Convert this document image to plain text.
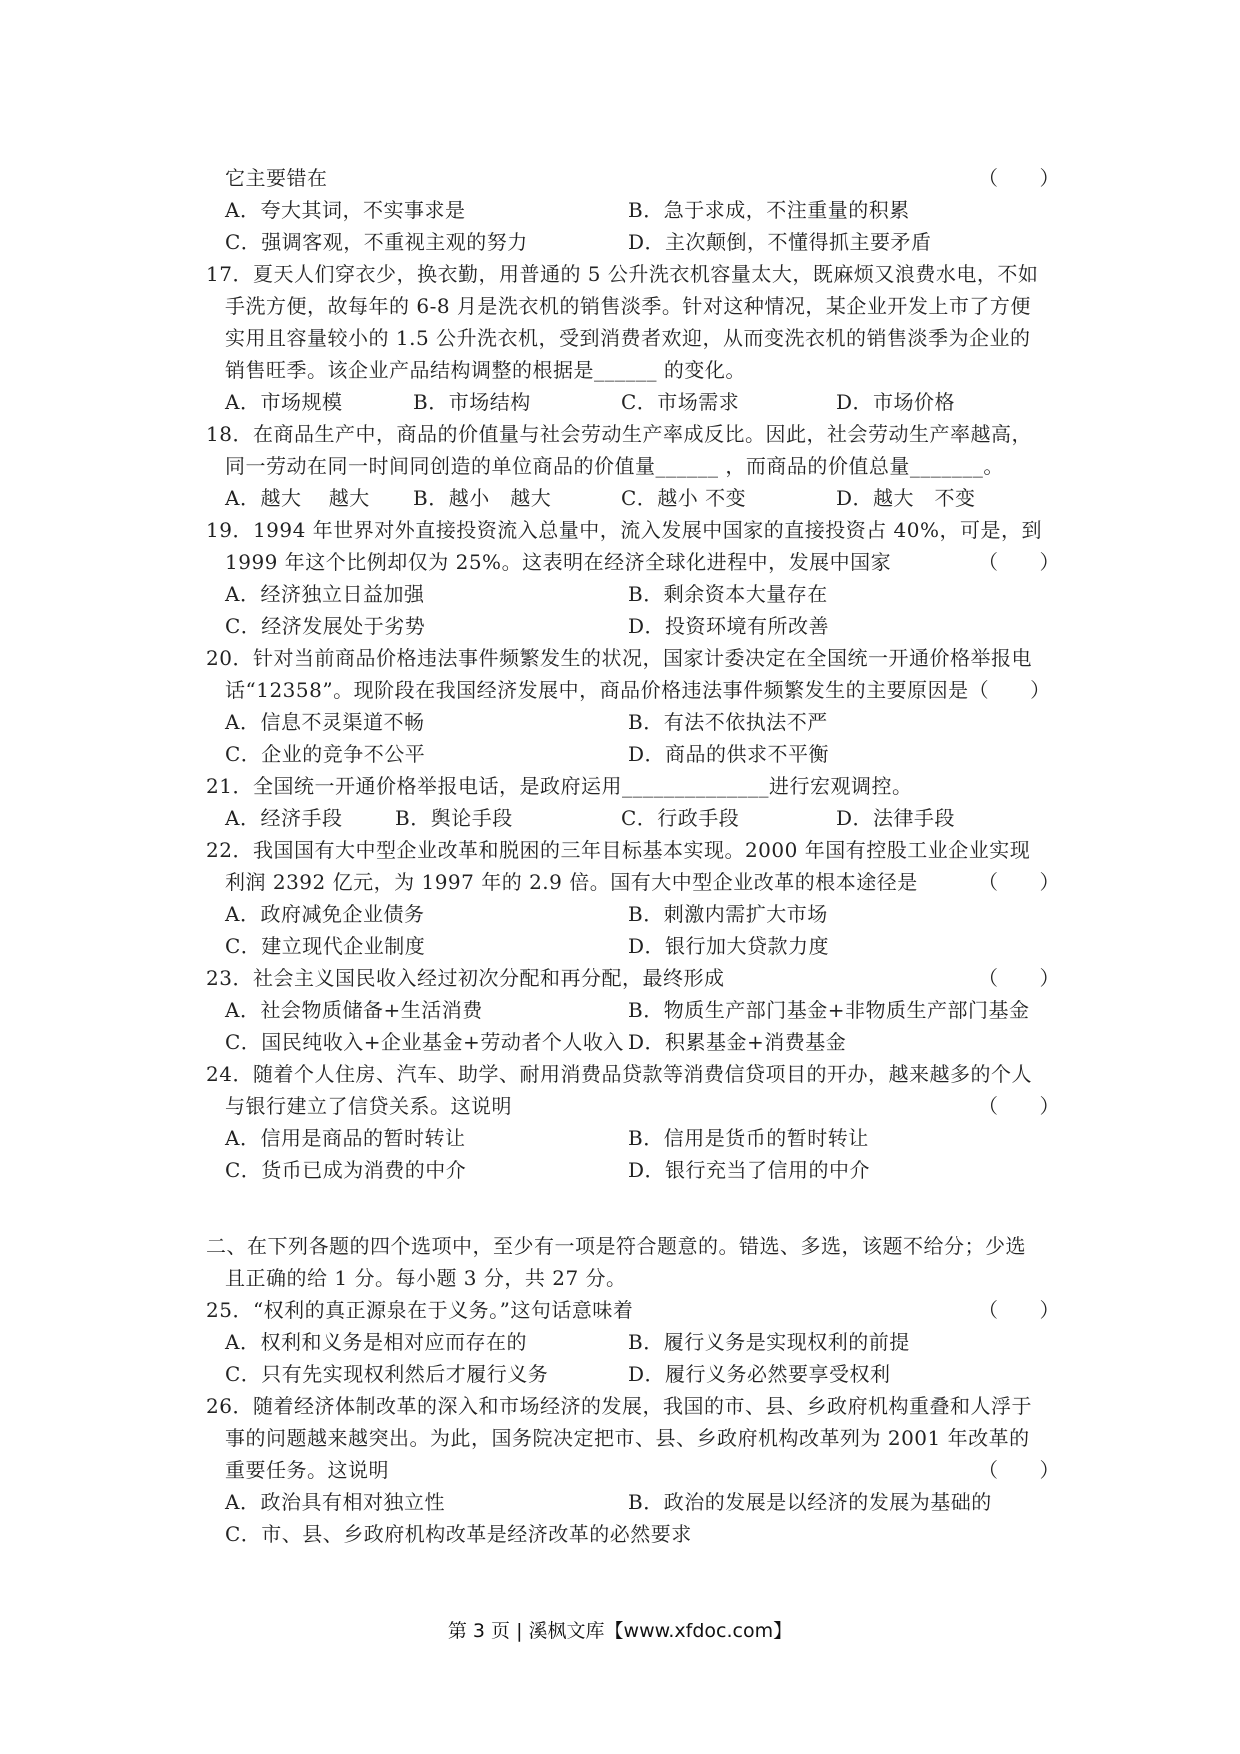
它主要错在	（　　）
A．夸大其词，不实事求是	B．急于求成，不注重量的积累
C．强调客观，不重视主观的努力	D．主次颠倒，不懂得抓主要矛盾
17．夏天人们穿衣少，换衣勤，用普通的 5 公升洗衣机容量太大，既麻烦又浪费水电，不如
手洗方便，故每年的 6-8 月是洗衣机的销售淡季。针对这种情况，某企业开发上市了方便
实用且容量较小的 1.5 公升洗衣机，受到消费者欢迎，从而变洗衣机的销售淡季为企业的
销售旺季。该企业产品结构调整的根据是______ 的变化。
A．市场规模	B．市场结构	C．市场需求	D．市场价格
18．在商品生产中，商品的价值量与社会劳动生产率成反比。因此，社会劳动生产率越高，
同一劳动在同一时间同创造的单位商品的价值量______ ，而商品的价值总量_______。
A．越大　 越大 B．越小　越大	C．越小 不变	D．越大　不变
19．1994 年世界对外直接投资流入总量中，流入发展中国家的直接投资占 40%，可是，到
1999 年这个比例却仅为 25%。这表明在经济全球化进程中，发展中国家	（　　）
A．经济独立日益加强	B．剩余资本大量存在
C．经济发展处于劣势	D．投资环境有所改善
20．针对当前商品价格违法事件频繁发生的状况，国家计委决定在全国统一开通价格举报电
话“12358”。现阶段在我国经济发展中，商品价格违法事件频繁发生的主要原因是（　　）
A．信息不灵渠道不畅	B．有法不依执法不严
C．企业的竞争不公平	D．商品的供求不平衡
21．全国统一开通价格举报电话，是政府运用______________进行宏观调控。
A．经济手段	B．舆论手段	C．行政手段	D．法律手段
22．我国国有大中型企业改革和脱困的三年目标基本实现。2000 年国有控股工业企业实现
利润 2392 亿元，为 1997 年的 2.9 倍。国有大中型企业改革的根本途径是	（　　）
A．政府减免企业债务	B．刺激内需扩大市场
C．建立现代企业制度	D．银行加大贷款力度
23．社会主义国民收入经过初次分配和再分配，最终形成	（　　）
A．社会物质储备+生活消费	B．物质生产部门基金+非物质生产部门基金
C．国民纯收入+企业基金+劳动者个人收入 D．积累基金+消费基金
24．随着个人住房、汽车、助学、耐用消费品贷款等消费信贷项目的开办，越来越多的个人
与银行建立了信贷关系。这说明	（　　）
A．信用是商品的暂时转让	B．信用是货币的暂时转让
C．货币已成为消费的中介	D．银行充当了信用的中介
二、在下列各题的四个选项中，至少有一项是符合题意的。错选、多选，该题不给分；少选
且正确的给 1 分。每小题 3 分，共 27 分。
25．“权利的真正源泉在于义务。”这句话意味着	（　　）
A．权利和义务是相对应而存在的	B．履行义务是实现权利的前提
C．只有先实现权利然后才履行义务	D．履行义务必然要享受权利
26．随着经济体制改革的深入和市场经济的发展，我国的市、县、乡政府机构重叠和人浮于
事的问题越来越突出。为此，国务院决定把市、县、乡政府机构改革列为 2001 年改革的
重要任务。这说明	（　　）
A．政治具有相对独立性	B．政治的发展是以经济的发展为基础的
C．市、县、乡政府机构改革是经济改革的必然要求
第 3 页 | 溪枫文库【www.xfdoc.com】
